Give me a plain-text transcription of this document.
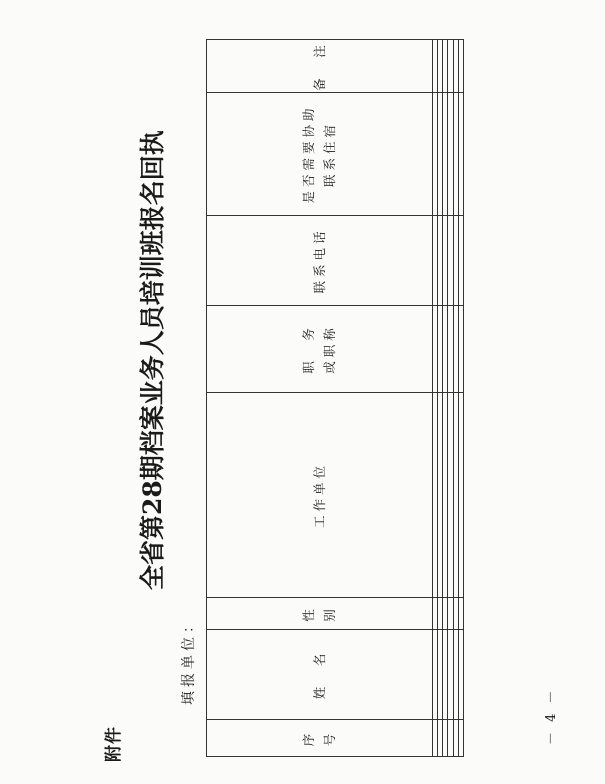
附件
全省第28期档案业务人员培训班报名回执
填报单位：
序 号	姓　名	性 别	工作单位	职　务 或职称	联系电话	是否需要协助 联系住宿	备　注

－ 4 －
